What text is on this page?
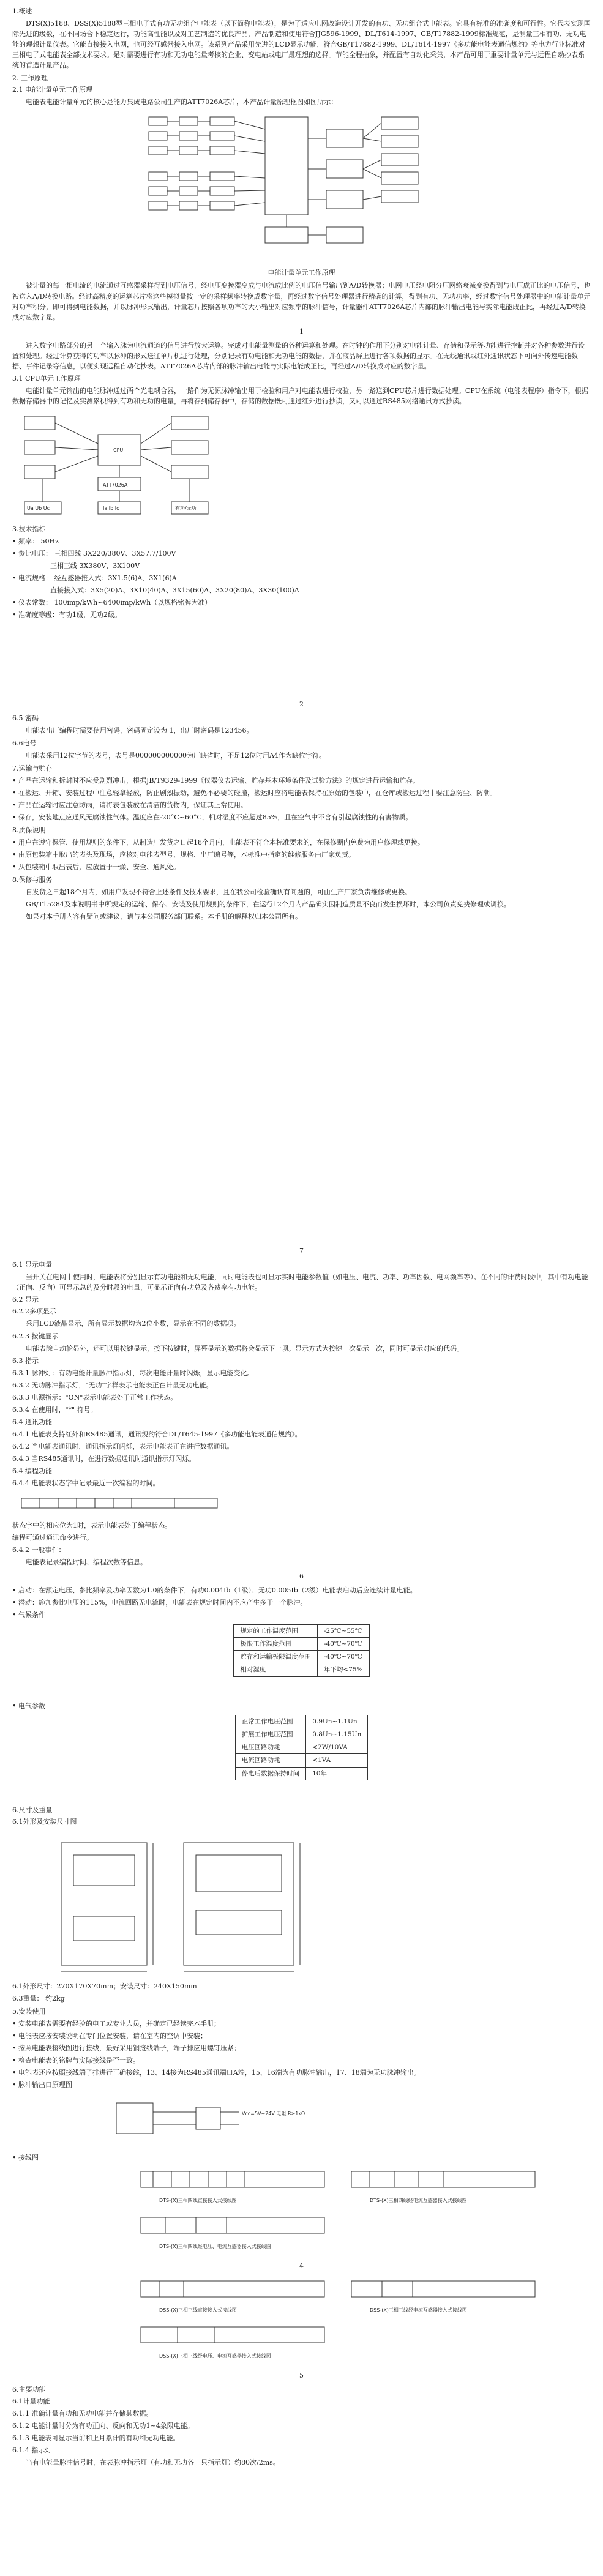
1.概述

DTS(X)5188、DSS(X)5188型三相电子式有功无功组合电能表（以下简称电能表），是为了适应电网改造设计开发的有功、无功组合式电能表。它具有标准的准确度和可行性。它代表实现国际先进的级数，在不同场合下稳定运行，功能高性能以及对工艺制造的优良产品，产品制造和使用符合JJG596-1999、DL/T614-1997、GB/T17882-1999标准规范，是测量三相有功、无功电能的理想计量仪表。它能直接接入电网，也可经互感器接入电网。该系列产品采用先进的LCD显示功能，符合GB/T17882-1999、DL/T614-1997《多功能电能表通信规约》等电力行业标准对三相电子式电能表全部技术要求。是对需要进行有功和无功电能量考核的企业、变电站或电厂最理想的选择。节能全程抽象，并配置有自动化采集，本产品可用于重要计量单元与远程自动抄表系统的首选计量产品。

2. 工作原理

2.1 电能计量单元工作原理

电能表电能计量单元的核心是能力集成电路公司生产的ATT7026A芯片，本产品计量原理框图如图所示：

电能计量单元工作原理

被计量的每一相电流的电流通过互感器采样得到电压信号，经电压变换器变成与电流成比例的电压信号输出到A/D转换器；电网电压经电阻分压网络衰减变换得到与电压成正比的电压信号，也被送入A/D转换电路。经过高精度的运算芯片将这些模拟量按一定的采样频率转换成数字量，再经过数字信号处理器进行精确的计算，得到有功、无功功率，经过数字信号处理器中的电能计量单元对功率积分，即可得到电能数据，并以脉冲形式输出，计量芯片按照各项功率的大小输出对应频率的脉冲信号，计量器件ATT7026A芯片内部的脉冲输出电能与实际电能成正比，再经过A/D转换成对应数字量。

1

进入数字电路部分的另一个输入脉为电流通道的信号进行放大运算。完成对电能量测量的各种运算和处理。在时钟的作用下分别对电能计量、存储和显示等功能进行控制并对各种参数进行设置和处理。经过计算获得的功率以脉冲的形式送往单片机进行处理，分别记录有功电能和无功电能的数据，并在液晶屏上进行各项数据的显示。在无线通讯或红外通讯状态下可向外传递电能数据、事件记录等信息，以便实现远程自动化抄表。ATT7026A芯片内部的脉冲输出电能与实际电能成正比，再经过A/D转换成对应的数字量。

3.1 CPU单元工作原理

电能计量单元输出的电能脉冲通过两个光电耦合器，一路作为无源脉冲输出用于检验和用户对电能表进行校验，另一路送到CPU芯片进行数据处理。CPU在系统（电能表程序）指令下，根据数据存储器中的记忆及实测累积得到有功和无功的电量，再将存到储存器中，存储的数据既可通过红外进行抄读，又可以通过RS485网络通讯方式抄读。

CPU
ATT7026A
Ua Ub Uc	Ia Ib Ic	有功/无功

3.技术指标

• 频率： 50Hz

• 参比电压： 三相四线 3X220/380V、3X57.7/100V

三相三线 3X380V、3X100V

• 电流规格： 经互感器接入式：3X1.5(6)A、3X1(6)A

直接接入式：3X5(20)A、3X10(40)A、3X15(60)A、3X20(80)A、3X30(100)A

• 仪表常数： 100imp/kWh~6400imp/kWh（以规格铭牌为准）

• 准确度等级：有功1级，无功2级。

2

6.5 密码

电能表出厂编程时需要使用密码，密码固定设为 1，出厂时密码是123456。

6.6电号

电能表采用12位字节的表号，表号是000000000000为厂缺省时，不足12位时用A4作为缺位字符。

7.运输与贮存

• 产品在运输和拆封时不应受剧烈冲击，根据JB/T9329-1999《仪器仪表运输、贮存基本环境条件及试验方法》的规定进行运输和贮存。

• 在搬运、开箱、安装过程中注意轻拿轻放，防止剧烈振动，避免不必要的碰撞，搬运时应将电能表保持在原始的包装中，在仓库或搬运过程中要注意防尘、防潮。

• 产品在运输时应注意防雨，请将表包装放在清洁的货物内，保证其正常使用。

• 保存，安装地点应通风无腐蚀性气体。温度应在-20°C~60°C，相对湿度不应超过85%，且在空气中不含有引起腐蚀性的有害物质。

8.质保说明

• 用户在遵守保管、使用规则的条件下，从制造厂发货之日起18个月内，电能表不符合本标准要求的，在保修期内免费为用户修理或更换。

• 由原包装箱中取出的表头及现场，应核对电能表型号、规格、出厂编号等，本标准中指定的维修服务由厂家负责。

• 从包装箱中取出表后，应放置于干燥、安全、通风处。

8.保修与服务

自发货之日起18个月内，如用户发现不符合上述条件及技术要求，且在我公司检验确认有问题的，可由生产厂家负责维修或更换。

GB/T15284及本说明书中所规定的运输、保存、安装及使用规则的条件下，在运行12个月内产品确实因制造质量不良而发生损坏时，本公司负责免费修理或调换。

如果对本手册内容有疑问或建议，请与本公司服务部门联系。本手册的解释权归本公司所有。

7

6.1 显示电量

当开关在电网中使用时，电能表将分别显示有功电能和无功电能，同时电能表也可显示实时电能参数值（如电压、电流、功率、功率因数、电网频率等）。在不同的计费时段中，其中有功电能（正向、反向）可显示总的及分时段的电量，可显示正向有功总及各费率有功电能。

6.2 显示

6.2.2多项显示

采用LCD液晶显示，所有显示数据均为2位小数，显示在不同的数据项。

6.2.3 按键显示

电能表除自动轮显外，还可以用按键显示，按下按键时，屏幕显示的数据将会显示下一项。显示方式为按键一次显示一次，同时可显示对应的代码。

6.3 指示

6.3.1 脉冲灯：有功电能计量脉冲指示灯，每次电能计量时闪烁，显示电能变化。

6.3.2 无功脉冲指示灯，"无功"字样表示电能表正在计量无功电能。

6.3.3 电源指示："ON"表示电能表处于正常工作状态。

6.3.4 在使用时，"*" 符号。

6.4 通讯功能

6.4.1 电能表支持红外和RS485通讯，通讯规约符合DL/T645-1997《多功能电能表通信规约》。

6.4.2 当电能表通讯时，通讯指示灯闪烁，表示电能表正在进行数据通讯。

6.4.3 当RS485通讯时，在进行数据通讯时通讯指示灯闪烁。

6.4 编程功能

6.4.4 电能表状态字中记录最近一次编程的时间。

状态字中的相应位为1时，表示电能表处于编程状态。

编程可通过通讯命令进行。

6.4.2 一般事件：

电能表记录编程时间、编程次数等信息。

6

• 启动：在额定电压、参比频率及功率因数为1.0的条件下，有功0.004Ib（1级）、无功0.005Ib（2级）电能表启动后应连续计量电能。

• 潜动：施加参比电压的115%，电流回路无电流时，电能表在规定时间内不应产生多于一个脉冲。

• 气候条件

规定的工作温度范围	-25℃~55℃
极限工作温度范围	-40℃~70℃
贮存和运输极限温度范围	-40℃~70℃
相对湿度	年平均<75%

• 电气参数

正常工作电压范围	0.9Un~1.1Un
扩展工作电压范围	0.8Un~1.15Un
电压回路功耗	<2W/10VA
电流回路功耗	<1VA
停电后数据保持时间	10年

6.尺寸及重量

6.1外形及安装尺寸图

6.1外形尺寸：270X170X70mm；安装尺寸：240X150mm

6.3重量： 约2kg

5.安装使用

• 安装电能表需要有经验的电工或专业人员，并确定已经读完本手册；

• 电能表应按安装说明在专门位置安装，请在室内的空调中安装；

• 按照电能表接线图进行接线，最好采用铜接线端子，端子排应用螺钉压紧；

• 检查电能表的铭牌与实际接线是否一致。

• 电能表还应按照接线端子排进行正确接线，13、14接为RS485通讯端口A端，15、16端为有功脉冲输出，17、18端为无功脉冲输出。

• 脉冲输出口原理图

Vcc=5V~24V 电阻 R≥1kΩ

• 接线图

DTS-(X)三相四线直接接入式接线图
	DTS-(X)三相四线经电流互感器接入式接线图

DTS-(X)三相四线经电压、电流互感器接入式接线图

4

DSS-(X)三相三线直接接入式接线图
	DSS-(X)三相三线经电流互感器接入式接线图

DSS-(X)三相三线经电压、电流互感器接入式接线图

5

6.主要功能

6.1计量功能

6.1.1 准确计量有功和无功电能并存储其数据。

6.1.2 电能计量时分为有功正向、反向和无功1~4象限电能。

6.1.3 电能表可显示当前和上月累计的有功和无功电能。

6.1.4 指示灯

当有电能量脉冲信号时，在表脉冲指示灯（有功和无功各一只指示灯）约80次/2ms。
